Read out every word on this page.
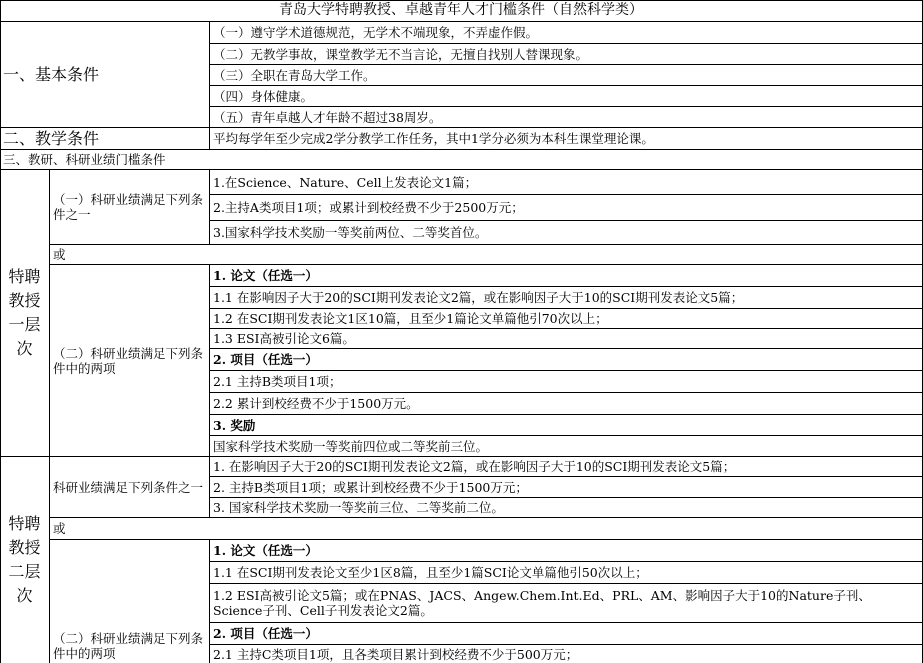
青岛大学特聘教授、卓越青年人才门槛条件（自然科学类）
一、基本条件
（一）遵守学术道德规范，无学术不端现象，不弄虚作假。
（二）无教学事故，课堂教学无不当言论，无擅自找别人替课现象。
（三）全职在青岛大学工作。
（四）身体健康。
（五）青年卓越人才年龄不超过38周岁。
二、教学条件	平均每学年至少完成2学分教学工作任务，其中1学分必须为本科生课堂理论课。
三、教研、科研业绩门槛条件
特聘教授一层次
（一）科研业绩满足下列条件之一
1.在Science、Nature、Cell上发表论文1篇；
2.主持A类项目1项；或累计到校经费不少于2500万元；
3.国家科学技术奖励一等奖前两位、二等奖首位。
或
（二）科研业绩满足下列条件中的两项
1. 论文（任选一）
1.1 在影响因子大于20的SCI期刊发表论文2篇，或在影响因子大于10的SCI期刊发表论文5篇；
1.2 在SCI期刊发表论文1区10篇，且至少1篇论文单篇他引70次以上；
1.3 ESI高被引论文6篇。
2. 项目（任选一）
2.1 主持B类项目1项；
2.2 累计到校经费不少于1500万元。
3. 奖励
国家科学技术奖励一等奖前四位或二等奖前三位。
特聘教授二层次
科研业绩满足下列条件之一
1. 在影响因子大于20的SCI期刊发表论文2篇，或在影响因子大于10的SCI期刊发表论文5篇；
2. 主持B类项目1项；或累计到校经费不少于1500万元；
3. 国家科学技术奖励一等奖前三位、二等奖前二位。
或
（二）科研业绩满足下列条件中的两项
1. 论文（任选一）
1.1 在SCI期刊发表论文至少1区8篇，且至少1篇SCI论文单篇他引50次以上；
1.2 ESI高被引论文5篇；或在PNAS、JACS、Angew.Chem.Int.Ed、PRL、AM、影响因子大于10的Nature子刊、Science子刊、Cell子刊发表论文2篇。
2. 项目（任选一）
2.1 主持C类项目1项，且各类项目累计到校经费不少于500万元；
